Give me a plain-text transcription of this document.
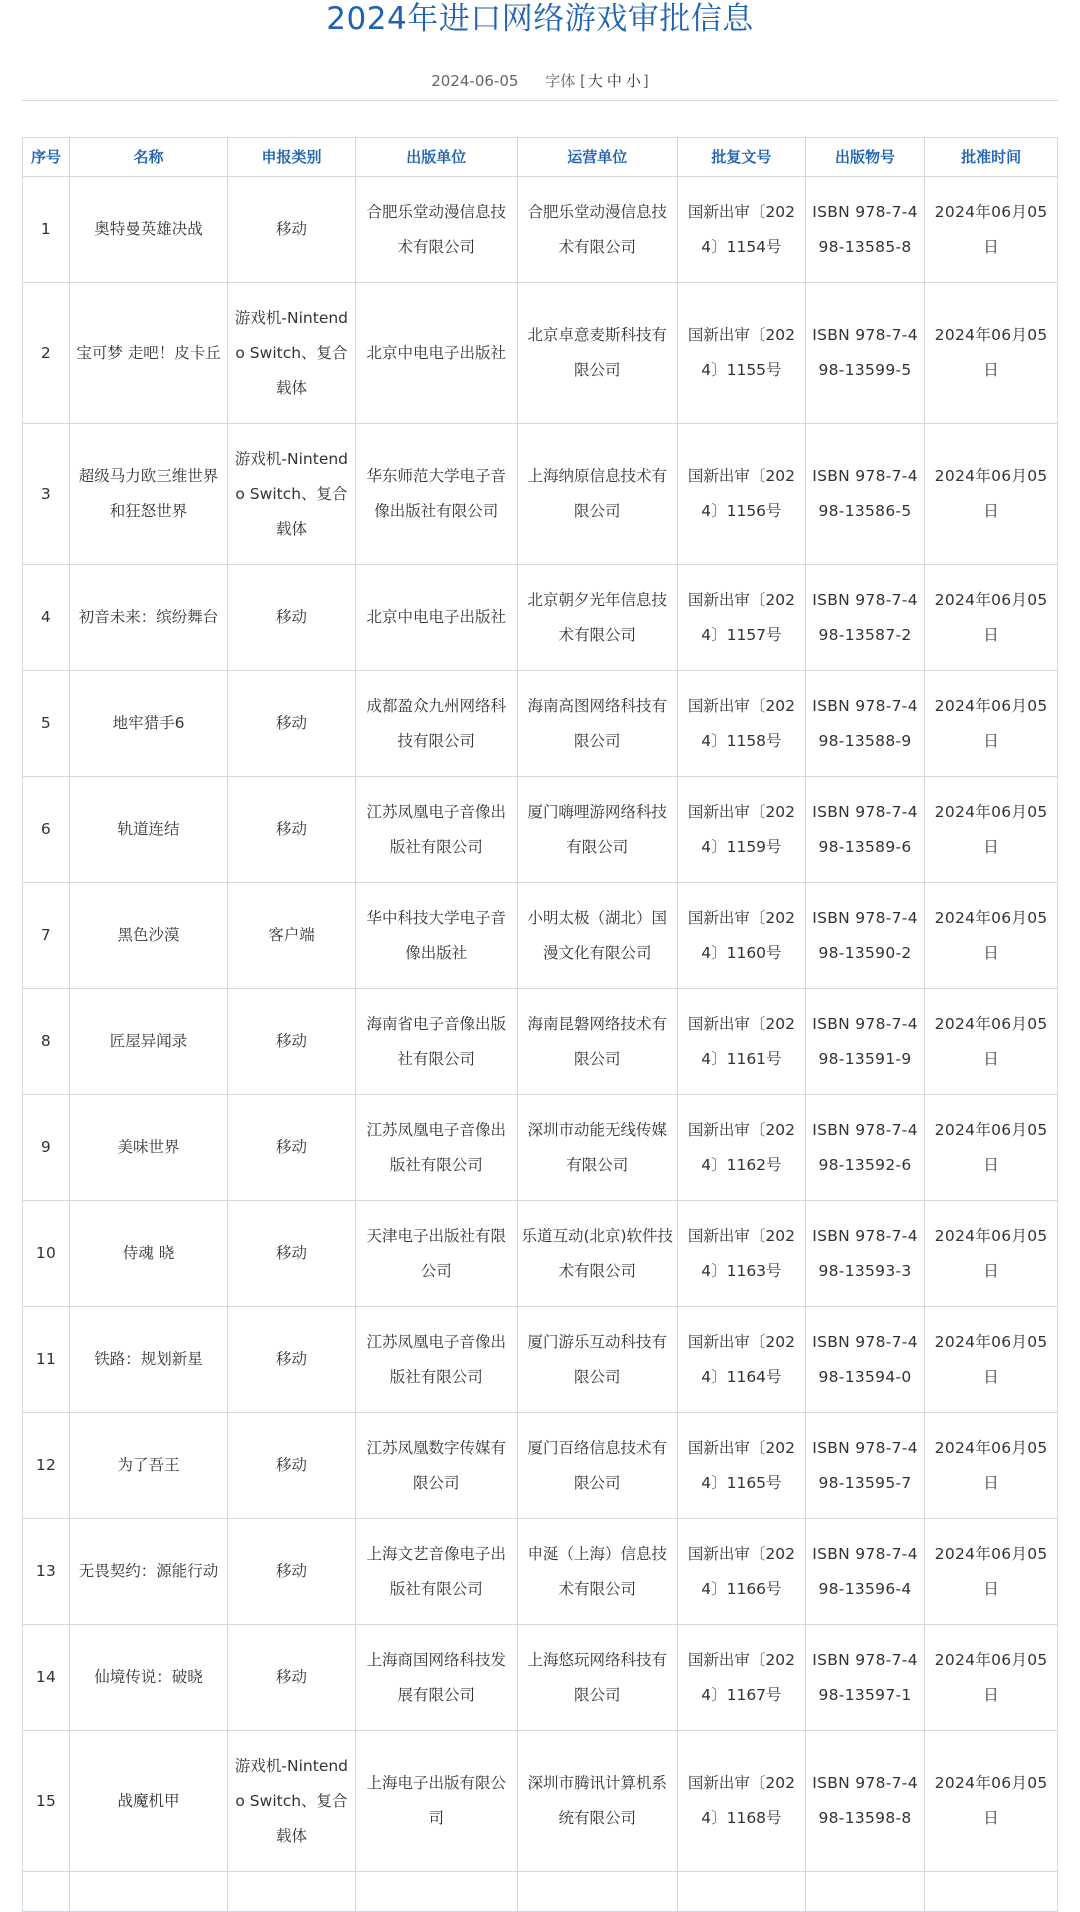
2024年进口网络游戏审批信息
2024-06-05 字体 [ 大 中 小 ]
序号	名称	申报类别	出版单位	运营单位	批复文号	出版物号	批准时间
1	奥特曼英雄决战	移动	合肥乐堂动漫信息技术有限公司	合肥乐堂动漫信息技术有限公司	国新出审〔2024〕1154号	ISBN 978-7-498-13585-8	2024年06月05日
2	宝可梦 走吧！皮卡丘	游戏机-Nintendo Switch、复合载体	北京中电电子出版社	北京卓意麦斯科技有限公司	国新出审〔2024〕1155号	ISBN 978-7-498-13599-5	2024年06月05日
3	超级马力欧三维世界和狂怒世界	游戏机-Nintendo Switch、复合载体	华东师范大学电子音像出版社有限公司	上海纳原信息技术有限公司	国新出审〔2024〕1156号	ISBN 978-7-498-13586-5	2024年06月05日
4	初音未来：缤纷舞台	移动	北京中电电子出版社	北京朝夕光年信息技术有限公司	国新出审〔2024〕1157号	ISBN 978-7-498-13587-2	2024年06月05日
5	地牢猎手6	移动	成都盈众九州网络科技有限公司	海南高图网络科技有限公司	国新出审〔2024〕1158号	ISBN 978-7-498-13588-9	2024年06月05日
6	轨道连结	移动	江苏凤凰电子音像出版社有限公司	厦门嗨哩游网络科技有限公司	国新出审〔2024〕1159号	ISBN 978-7-498-13589-6	2024年06月05日
7	黑色沙漠	客户端	华中科技大学电子音像出版社	小明太极（湖北）国漫文化有限公司	国新出审〔2024〕1160号	ISBN 978-7-498-13590-2	2024年06月05日
8	匠屋异闻录	移动	海南省电子音像出版社有限公司	海南昆磐网络技术有限公司	国新出审〔2024〕1161号	ISBN 978-7-498-13591-9	2024年06月05日
9	美味世界	移动	江苏凤凰电子音像出版社有限公司	深圳市动能无线传媒有限公司	国新出审〔2024〕1162号	ISBN 978-7-498-13592-6	2024年06月05日
10	侍魂 晓	移动	天津电子出版社有限公司	乐道互动(北京)软件技术有限公司	国新出审〔2024〕1163号	ISBN 978-7-498-13593-3	2024年06月05日
11	铁路：规划新星	移动	江苏凤凰电子音像出版社有限公司	厦门游乐互动科技有限公司	国新出审〔2024〕1164号	ISBN 978-7-498-13594-0	2024年06月05日
12	为了吾王	移动	江苏凤凰数字传媒有限公司	厦门百络信息技术有限公司	国新出审〔2024〕1165号	ISBN 978-7-498-13595-7	2024年06月05日
13	无畏契约：源能行动	移动	上海文艺音像电子出版社有限公司	申涎（上海）信息技术有限公司	国新出审〔2024〕1166号	ISBN 978-7-498-13596-4	2024年06月05日
14	仙境传说：破晓	移动	上海商国网络科技发展有限公司	上海悠玩网络科技有限公司	国新出审〔2024〕1167号	ISBN 978-7-498-13597-1	2024年06月05日
15	战魔机甲	游戏机-Nintendo Switch、复合载体	上海电子出版有限公司	深圳市腾讯计算机系统有限公司	国新出审〔2024〕1168号	ISBN 978-7-498-13598-8	2024年06月05日
